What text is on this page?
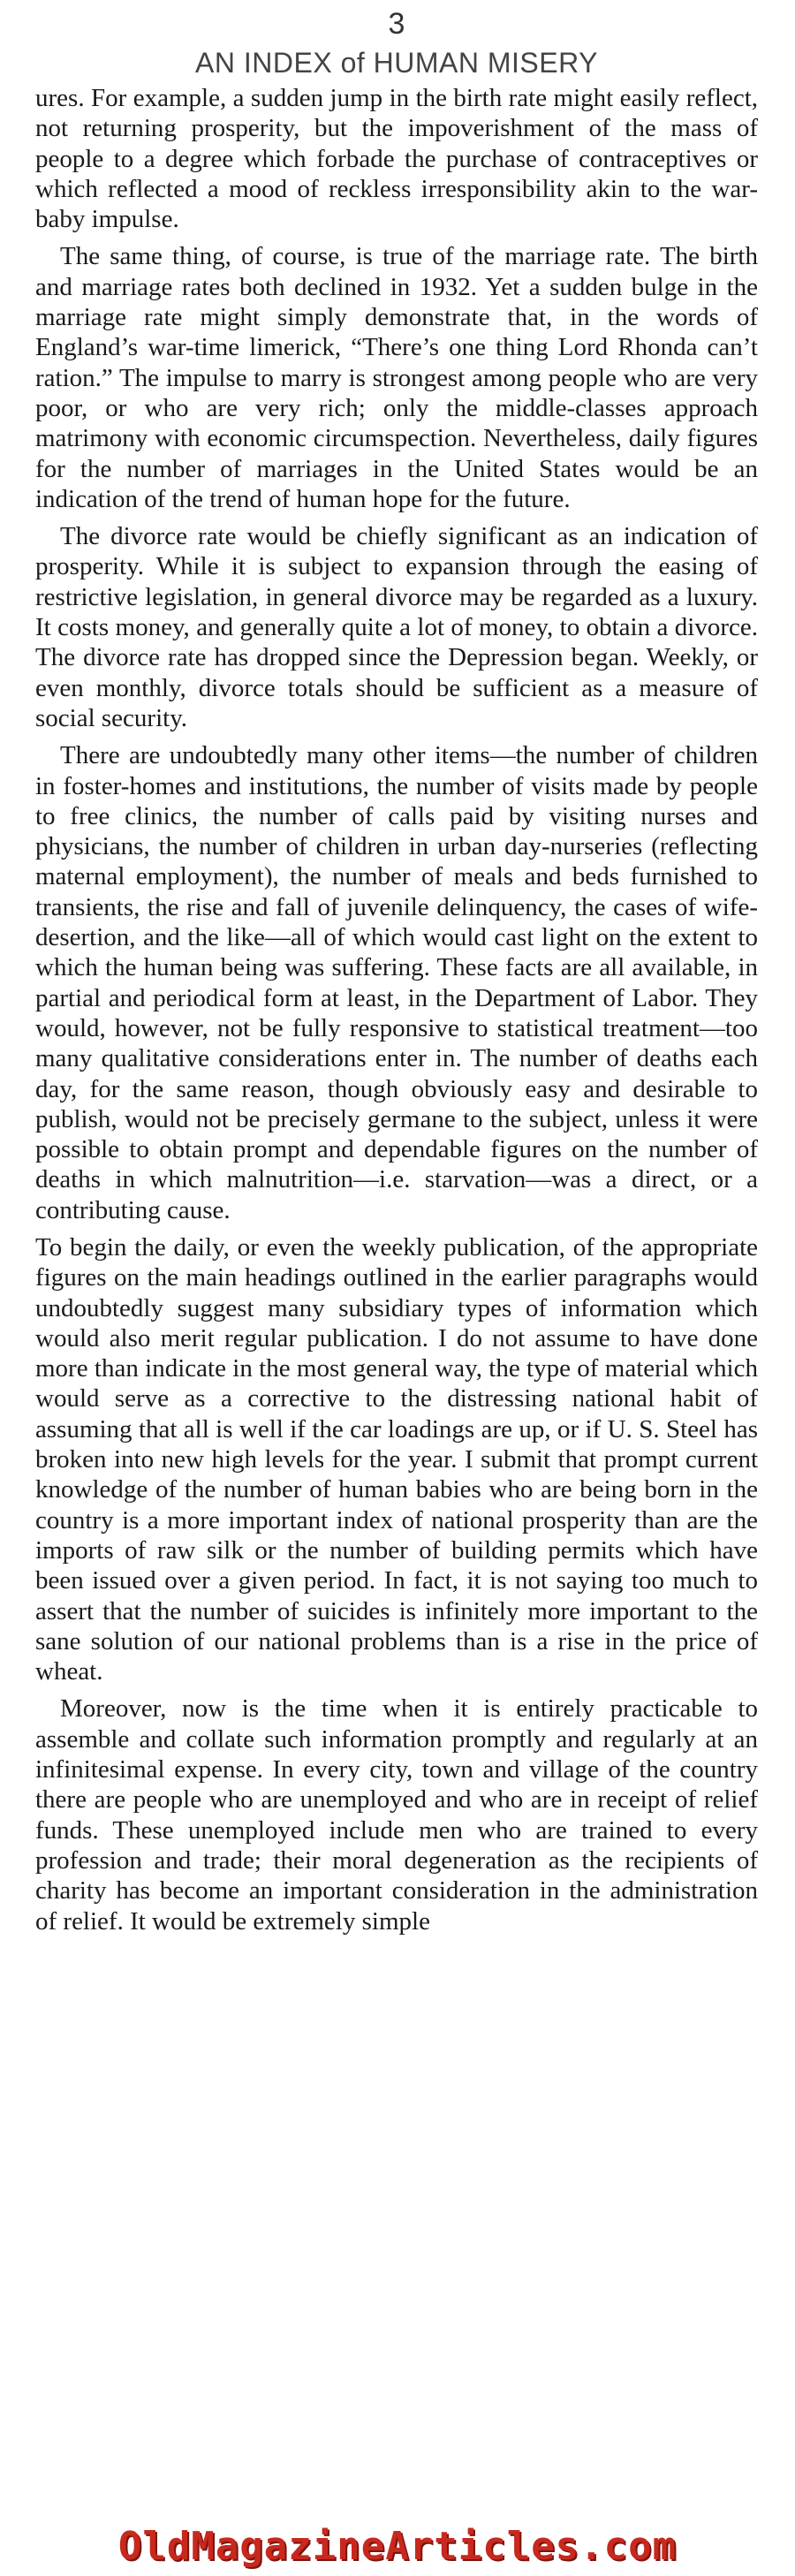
3
AN INDEX of HUMAN MISERY

ures. For example, a sudden jump in the birth rate might easily reflect, not returning prosperity, but the impoverishment of the mass of people to a degree which forbade the purchase of contraceptives or which reflected a mood of reckless irresponsibility akin to the war-baby impulse.

The same thing, of course, is true of the marriage rate. The birth and marriage rates both declined in 1932. Yet a sudden bulge in the marriage rate might simply demonstrate that, in the words of England’s war-time limerick, “There’s one thing Lord Rhonda can’t ration.” The impulse to marry is strongest among people who are very poor, or who are very rich; only the middle-classes approach matrimony with economic circumspection. Nevertheless, daily figures for the number of marriages in the United States would be an indication of the trend of human hope for the future.

The divorce rate would be chiefly significant as an indication of prosperity. While it is subject to expansion through the easing of restrictive legislation, in general divorce may be regarded as a luxury. It costs money, and generally quite a lot of money, to obtain a divorce. The divorce rate has dropped since the Depression began. Weekly, or even monthly, divorce totals should be sufficient as a measure of social security.

There are undoubtedly many other items—the number of children in foster-homes and institutions, the number of visits made by people to free clinics, the number of calls paid by visiting nurses and physicians, the number of children in urban day-nurseries (reflecting maternal employment), the number of meals and beds furnished to transients, the rise and fall of juvenile delinquency, the cases of wife-desertion, and the like—all of which would cast light on the extent to which the human being was suffering. These facts are all available, in partial and periodical form at least, in the Department of Labor. They would, however, not be fully responsive to statistical treatment—too many qualitative considerations enter in. The number of deaths each day, for the same reason, though obviously easy and desirable to publish, would not be precisely germane to the subject, unless it were possible to obtain prompt and dependable figures on the number of deaths in which malnutrition—i.e. starvation—was a direct, or a contributing cause.

To begin the daily, or even the weekly publication, of the appropriate figures on the main headings outlined in the earlier paragraphs would undoubtedly suggest many subsidiary types of information which would also merit regular publication. I do not assume to have done more than indicate in the most general way, the type of material which would serve as a corrective to the distressing national habit of assuming that all is well if the car loadings are up, or if U. S. Steel has broken into new high levels for the year. I submit that prompt current knowledge of the number of human babies who are being born in the country is a more important index of national prosperity than are the imports of raw silk or the number of building permits which have been issued over a given period. In fact, it is not saying too much to assert that the number of suicides is infinitely more important to the sane solution of our national problems than is a rise in the price of wheat.

Moreover, now is the time when it is entirely practicable to assemble and collate such information promptly and regularly at an infinitesimal expense. In every city, town and village of the country there are people who are unemployed and who are in receipt of relief funds. These unemployed include men who are trained to every profession and trade; their moral degeneration as the recipients of charity has become an important consideration in the administration of relief. It would be extremely simple

OldMagazineArticles.com
